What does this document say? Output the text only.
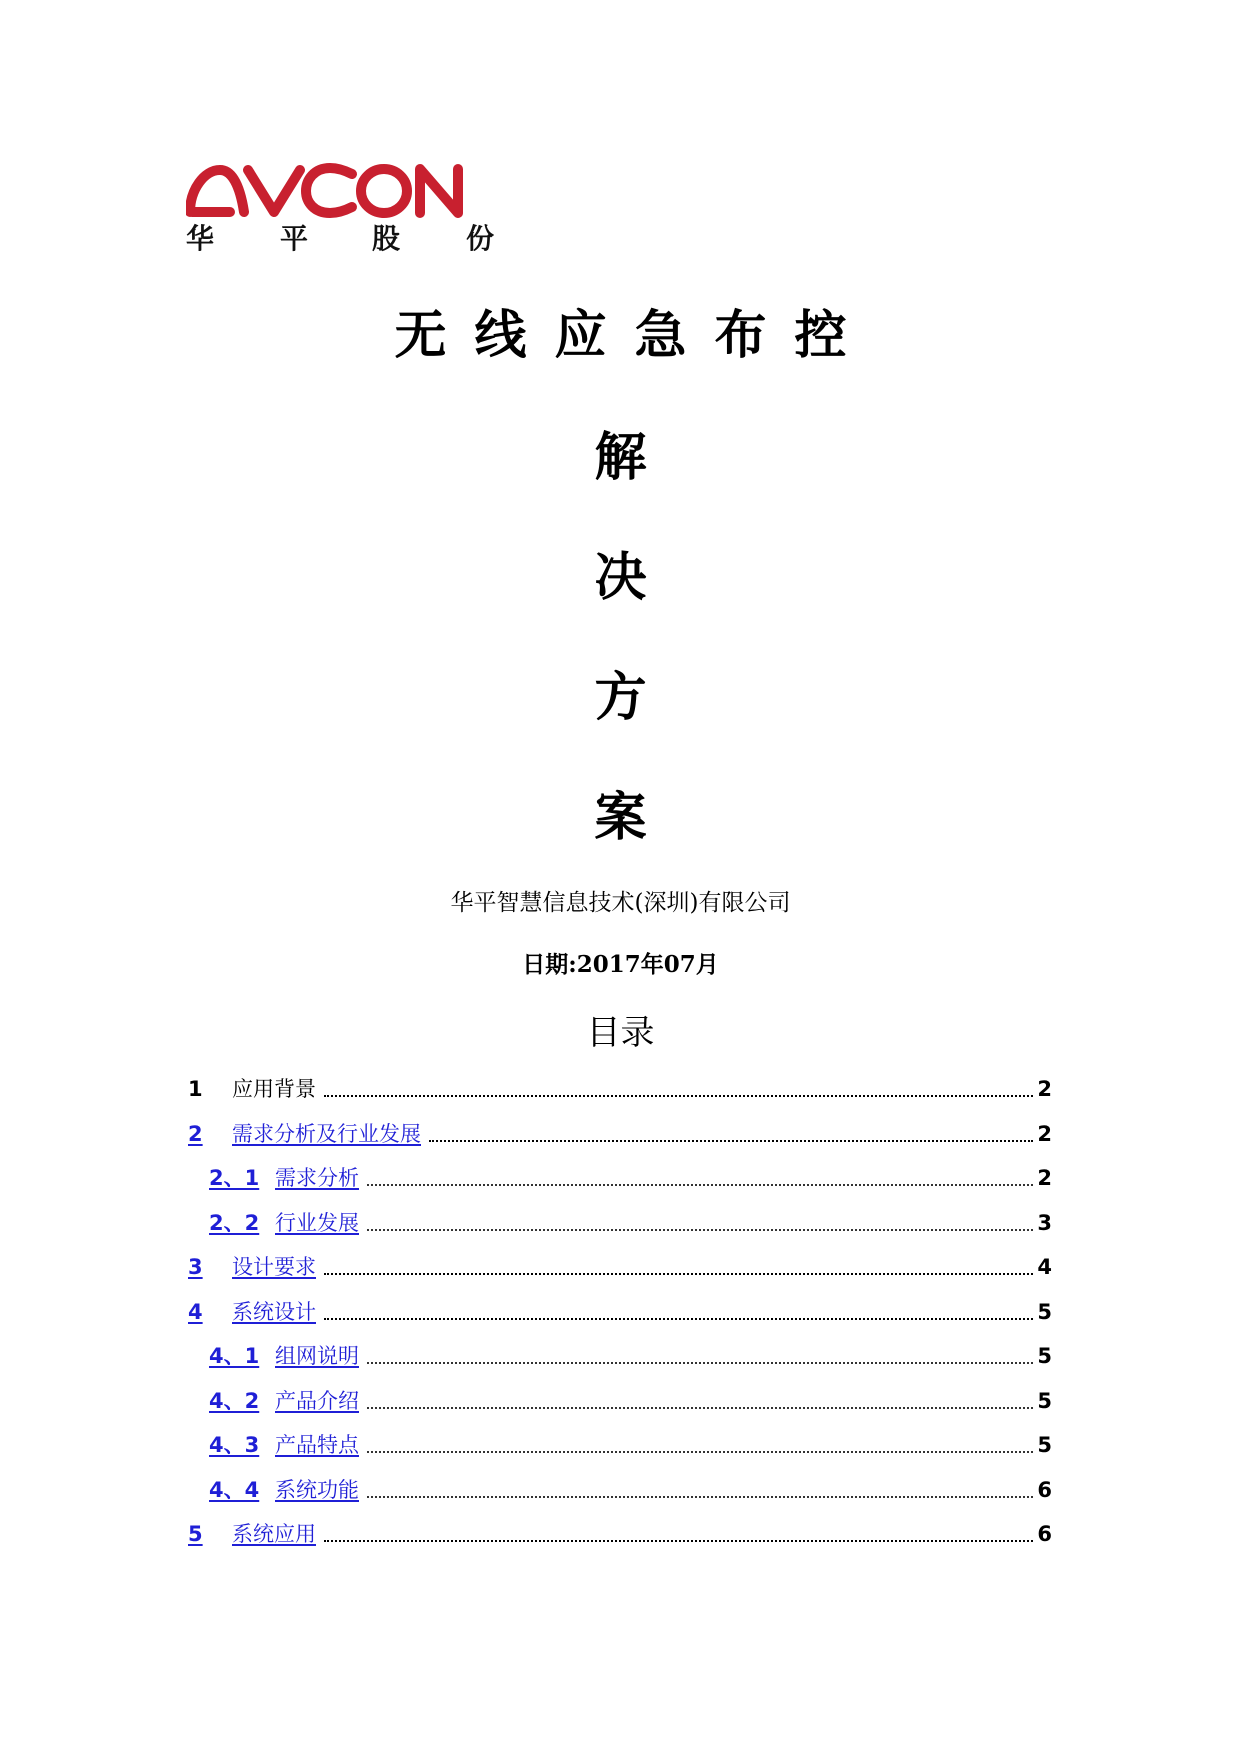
华 平 股 份
无线应急布控
解
决
方
案
华平智慧信息技术(深圳)有限公司
日期:2017年07月
目录
1	应用背景	2
2	需求分析及行业发展	2
2、1 需求分析	2
2、2 行业发展	3
3	设计要求	4
4	系统设计	5
4、1 组网说明	5
4、2 产品介绍	5
4、3 产品特点	5
4、4 系统功能	6
5	系统应用	6
